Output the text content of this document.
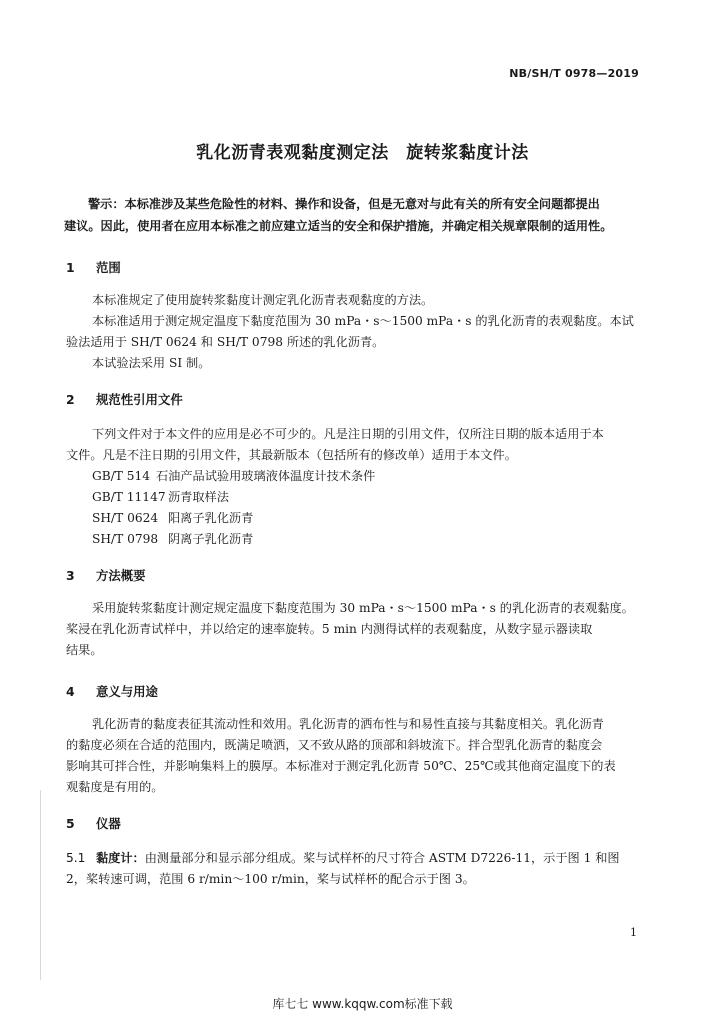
NB/SH/T 0978—2019
乳化沥青表观黏度测定法　旋转浆黏度计法
警示：本标准涉及某些危险性的材料、操作和设备，但是无意对与此有关的所有安全问题都提出
建议。因此，使用者在应用本标准之前应建立适当的安全和保护措施，并确定相关规章限制的适用性。
1 范围
本标准规定了使用旋转浆黏度计测定乳化沥青表观黏度的方法。
本标准适用于测定规定温度下黏度范围为 30 mPa・s～1500 mPa・s 的乳化沥青的表观黏度。本试
验法适用于 SH/T 0624 和 SH/T 0798 所述的乳化沥青。
本试验法采用 SI 制。
2 规范性引用文件
下列文件对于本文件的应用是必不可少的。凡是注日期的引用文件，仅所注日期的版本适用于本
文件。凡是不注日期的引用文件，其最新版本（包括所有的修改单）适用于本文件。
GB/T 514 石油产品试验用玻璃液体温度计技术条件
GB/T 11147 沥青取样法
SH/T 0624 阳离子乳化沥青
SH/T 0798 阴离子乳化沥青
3 方法概要
采用旋转浆黏度计测定规定温度下黏度范围为 30 mPa・s～1500 mPa・s 的乳化沥青的表观黏度。
桨浸在乳化沥青试样中，并以给定的速率旋转。5 min 内测得试样的表观黏度，从数字显示器读取
结果。
4 意义与用途
乳化沥青的黏度表征其流动性和效用。乳化沥青的洒布性与和易性直接与其黏度相关。乳化沥青
的黏度必须在合适的范围内，既满足喷洒，又不致从路的顶部和斜坡流下。拌合型乳化沥青的黏度会
影响其可拌合性，并影响集料上的膜厚。本标准对于测定乳化沥青 50℃、25℃或其他商定温度下的表
观黏度是有用的。
5 仪器
5.1 黏度计：由测量部分和显示部分组成。桨与试样杯的尺寸符合 ASTM D7226-11，示于图 1 和图
2，桨转速可调，范围 6 r/min～100 r/min，桨与试样杯的配合示于图 3。
1
库七七 www.kqqw.com标准下载
